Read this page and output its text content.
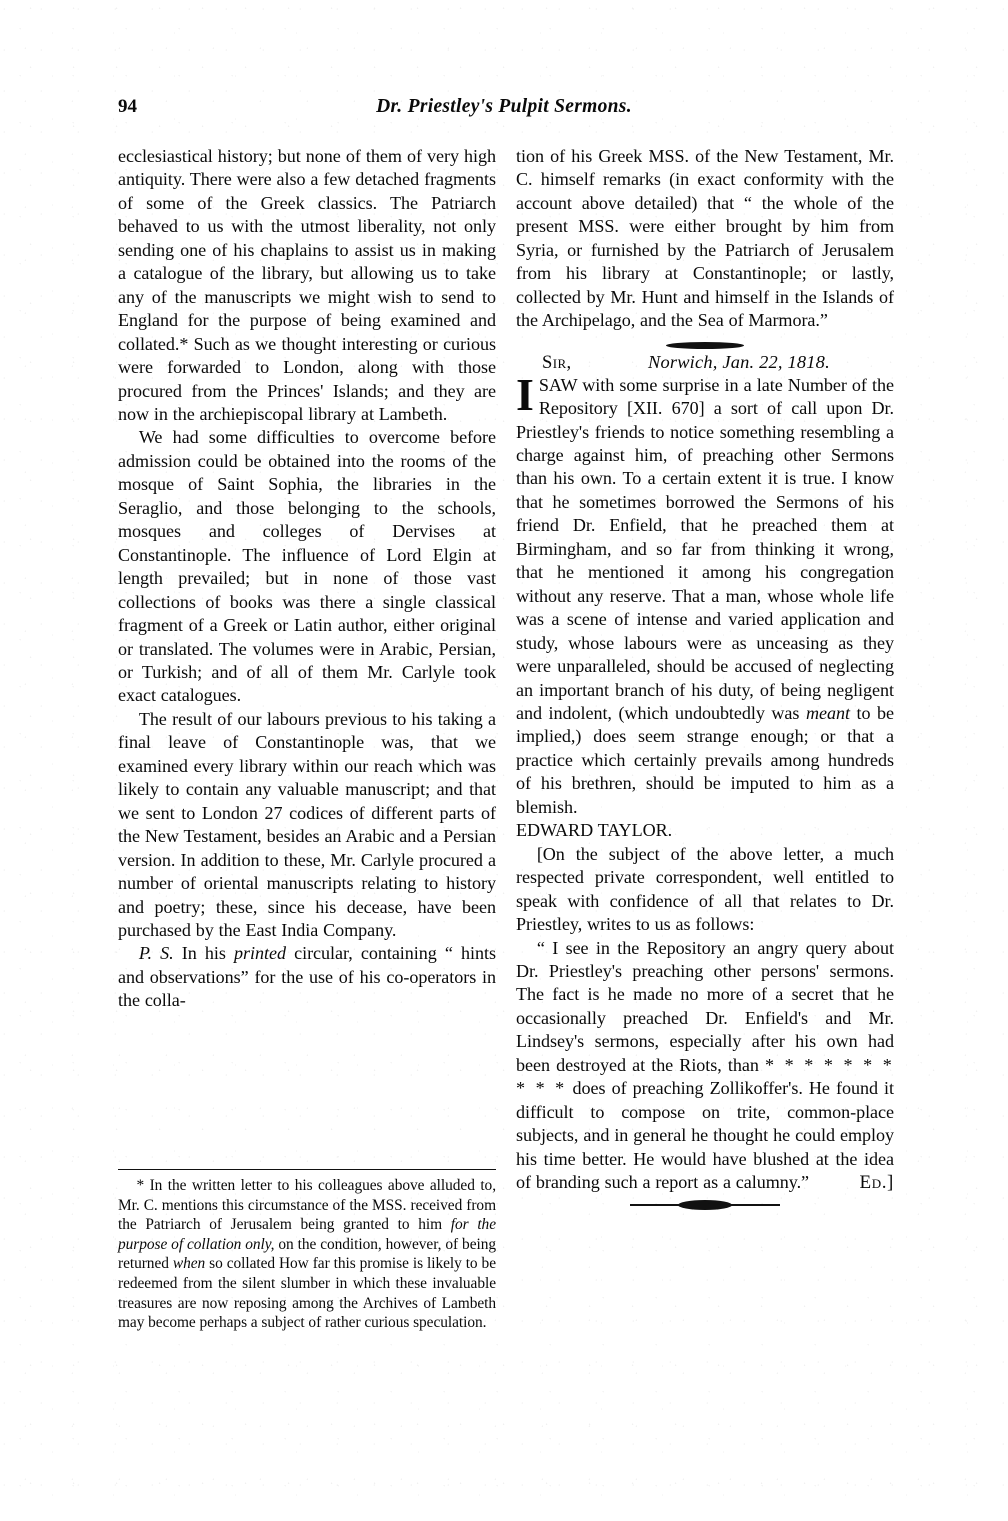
94	Dr. Priestley's Pulpit Sermons.

ecclesiastical history; but none of them of very high antiquity. There were also a few detached fragments of some of the Greek classics. The Patriarch behaved to us with the utmost liberality, not only sending one of his chaplains to assist us in making a catalogue of the library, but allowing us to take any of the manuscripts we might wish to send to England for the purpose of being examined and collated.* Such as we thought interesting or curious were forwarded to London, along with those procured from the Princes' Islands; and they are now in the archiepiscopal library at Lambeth.

We had some difficulties to overcome before admission could be obtained into the rooms of the mosque of Saint Sophia, the libraries in the Seraglio, and those belonging to the schools, mosques and colleges of Dervises at Constantinople. The influence of Lord Elgin at length prevailed; but in none of those vast collections of books was there a single classical fragment of a Greek or Latin author, either original or translated. The volumes were in Arabic, Persian, or Turkish; and of all of them Mr. Carlyle took exact catalogues.

The result of our labours previous to his taking a final leave of Constantinople was, that we examined every library within our reach which was likely to contain any valuable manuscript; and that we sent to London 27 codices of different parts of the New Testament, besides an Arabic and a Persian version. In addition to these, Mr. Carlyle procured a number of oriental manuscripts relating to history and poetry; these, since his decease, have been purchased by the East India Company.

P. S. In his printed circular, containing “ hints and observations” for the use of his co-operators in the colla-

* In the written letter to his colleagues above alluded to, Mr. C. mentions this circumstance of the MSS. received from the Patriarch of Jerusalem being granted to him for the purpose of collation only, on the condition, however, of being returned when so collated How far this promise is likely to be redeemed from the silent slumber in which these invaluable treasures are now reposing among the Archives of Lambeth may become perhaps a subject of rather curious speculation.

tion of his Greek MSS. of the New Testament, Mr. C. himself remarks (in exact conformity with the account above detailed) that “ the whole of the present MSS. were either brought by him from Syria, or furnished by the Patriarch of Jerusalem from his library at Constantinople; or lastly, collected by Mr. Hunt and himself in the Islands of the Archipelago, and the Sea of Marmora.”

Sir,	Norwich, Jan. 22, 1818.

I SAW with some surprise in a late Number of the Repository [XII. 670] a sort of call upon Dr. Priestley's friends to notice something resembling a charge against him, of preaching other Sermons than his own. To a certain extent it is true. I know that he sometimes borrowed the Sermons of his friend Dr. Enfield, that he preached them at Birmingham, and so far from thinking it wrong, that he mentioned it among his congregation without any reserve. That a man, whose whole life was a scene of intense and varied application and study, whose labours were as unceasing as they were unparalleled, should be accused of neglecting an important branch of his duty, of being negligent and indolent, (which undoubtedly was meant to be implied,) does seem strange enough; or that a practice which certainly prevails among hundreds of his brethren, should be imputed to him as a blemish.

EDWARD TAYLOR.

[On the subject of the above letter, a much respected private correspondent, well entitled to speak with confidence of all that relates to Dr. Priestley, writes to us as follows:

“ I see in the Repository an angry query about Dr. Priestley's preaching other persons' sermons. The fact is he made no more of a secret that he occasionally preached Dr. Enfield's and Mr. Lindsey's sermons, especially after his own had been destroyed at the Riots, than * * * * * * * * * * does of preaching Zollikoffer's. He found it difficult to compose on trite, common-place subjects, and in general he thought he could employ his time better. He would have blushed at the idea of branding such a report as a calumny.”	Ed.]
